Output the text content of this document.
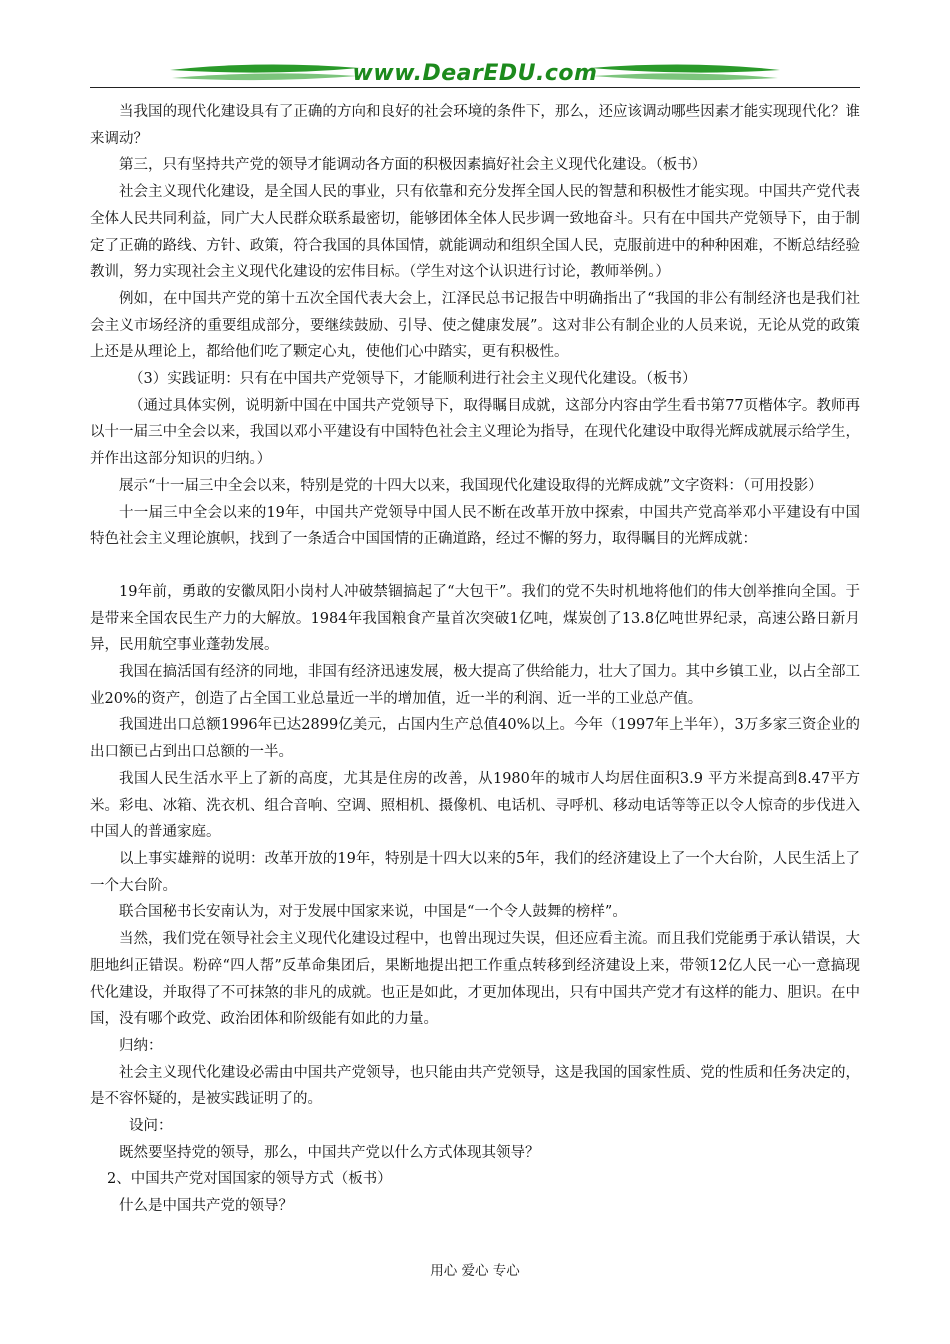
www.DearEDU.com

当我国的现代化建设具有了正确的方向和良好的社会环境的条件下，那么，还应该调动哪些因素才能实现现代化？谁来调动？

第三，只有坚持共产党的领导才能调动各方面的积极因素搞好社会主义现代化建设。（板书）

社会主义现代化建设，是全国人民的事业，只有依靠和充分发挥全国人民的智慧和积极性才能实现。中国共产党代表全体人民共同利益，同广大人民群众联系最密切，能够团体全体人民步调一致地奋斗。只有在中国共产党领导下，由于制定了正确的路线、方针、政策，符合我国的具体国情，就能调动和组织全国人民，克服前进中的种种困难，不断总结经验教训，努力实现社会主义现代化建设的宏伟目标。（学生对这个认识进行讨论，教师举例。）

例如，在中国共产党的第十五次全国代表大会上，江泽民总书记报告中明确指出了“我国的非公有制经济也是我们社会主义市场经济的重要组成部分，要继续鼓励、引导、使之健康发展”。这对非公有制企业的人员来说，无论从党的政策上还是从理论上，都给他们吃了颗定心丸，使他们心中踏实，更有积极性。

（3）实践证明：只有在中国共产党领导下，才能顺利进行社会主义现代化建设。（板书）

（通过具体实例，说明新中国在中国共产党领导下，取得瞩目成就，这部分内容由学生看书第77页楷体字。教师再以十一届三中全会以来，我国以邓小平建设有中国特色社会主义理论为指导，在现代化建设中取得光辉成就展示给学生，并作出这部分知识的归纳。）

展示“十一届三中全会以来，特别是党的十四大以来，我国现代化建设取得的光辉成就”文字资料：（可用投影）

十一届三中全会以来的19年，中国共产党领导中国人民不断在改革开放中探索，中国共产党高举邓小平建设有中国特色社会主义理论旗帜，找到了一条适合中国国情的正确道路，经过不懈的努力，取得瞩目的光辉成就：

19年前，勇敢的安徽凤阳小岗村人冲破禁锢搞起了“大包干”。我们的党不失时机地将他们的伟大创举推向全国。于是带来全国农民生产力的大解放。1984年我国粮食产量首次突破1亿吨，煤炭创了13.8亿吨世界纪录，高速公路日新月异，民用航空事业蓬勃发展。

我国在搞活国有经济的同地，非国有经济迅速发展，极大提高了供给能力，壮大了国力。其中乡镇工业，以占全部工业20%的资产，创造了占全国工业总量近一半的增加值，近一半的利润、近一半的工业总产值。

我国进出口总额1996年已达2899亿美元，占国内生产总值40%以上。今年（1997年上半年），3万多家三资企业的出口额已占到出口总额的一半。

我国人民生活水平上了新的高度，尤其是住房的改善，从1980年的城市人均居住面积3.9 平方米提高到8.47平方米。彩电、冰箱、洗衣机、组合音响、空调、照相机、摄像机、电话机、寻呼机、移动电话等等正以令人惊奇的步伐进入中国人的普通家庭。

以上事实雄辩的说明：改革开放的19年，特别是十四大以来的5年，我们的经济建设上了一个大台阶，人民生活上了一个大台阶。

联合国秘书长安南认为，对于发展中国家来说，中国是“一个令人鼓舞的榜样”。

当然，我们党在领导社会主义现代化建设过程中，也曾出现过失误，但还应看主流。而且我们党能勇于承认错误，大胆地纠正错误。粉碎“四人帮”反革命集团后，果断地提出把工作重点转移到经济建设上来，带领12亿人民一心一意搞现代化建设，并取得了不可抹煞的非凡的成就。也正是如此，才更加体现出，只有中国共产党才有这样的能力、胆识。在中国，没有哪个政党、政治团体和阶级能有如此的力量。

归纳：

社会主义现代化建设必需由中国共产党领导，也只能由共产党领导，这是我国的国家性质、党的性质和任务决定的，是不容怀疑的，是被实践证明了的。

设问：

既然要坚持党的领导，那么，中国共产党以什么方式体现其领导？

2、中国共产党对国国家的领导方式（板书）

什么是中国共产党的领导？

用心 爱心 专心
